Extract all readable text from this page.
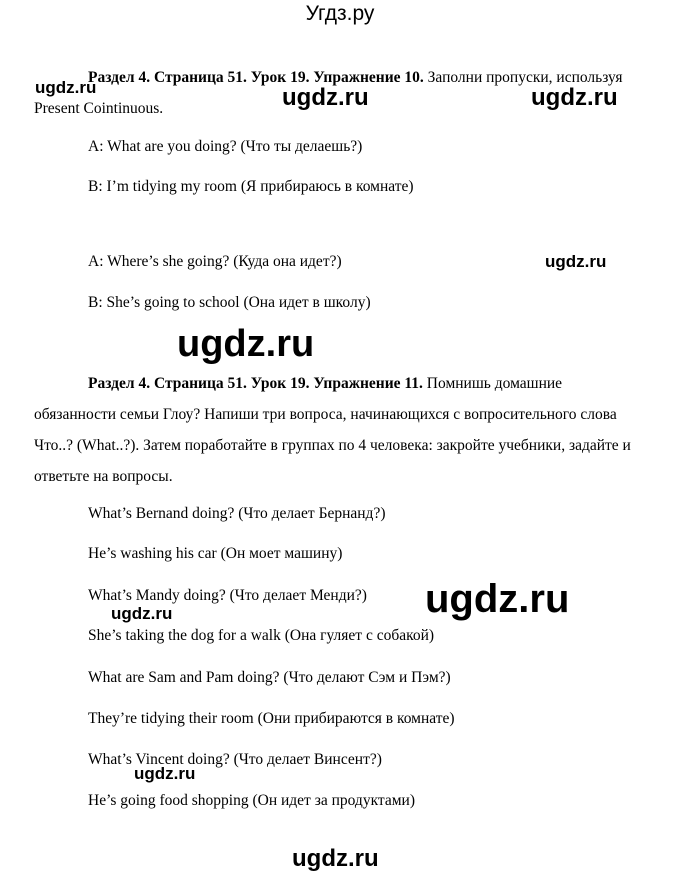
Угдз.ру

Раздел 4. Страница 51. Урок 19. Упражнение 10. Заполни пропуски, используя Present Cointinuous.

A: What are you doing? (Что ты делаешь?)

B: I’m tidying my room (Я прибираюсь в комнате)

A: Where’s she going? (Куда она идет?)

B: She’s going to school (Она идет в школу)

Раздел 4. Страница 51. Урок 19. Упражнение 11. Помнишь домашние обязанности семьи Глоу? Напиши три вопроса, начинающихся с вопросительного слова Что..? (What..?). Затем поработайте в группах по 4 человека: закройте учебники, задайте и ответьте на вопросы.

What’s Bernand doing? (Что делает Бернанд?)

He’s washing his car (Он моет машину)

What’s Mandy doing? (Что делает Менди?)

She’s taking the dog for a walk (Она гуляет с собакой)

What are Sam and Pam doing? (Что делают Сэм и Пэм?)

They’re tidying their room (Они прибираются в комнате)

What’s Vincent doing? (Что делает Винсент?)

He’s going food shopping (Он идет за продуктами)

ugdz.ru	ugdz.ru	ugdz.ru
ugdz.ru
ugdz.ru
ugdz.ru
ugdz.ru
ugdz.ru
ugdz.ru
